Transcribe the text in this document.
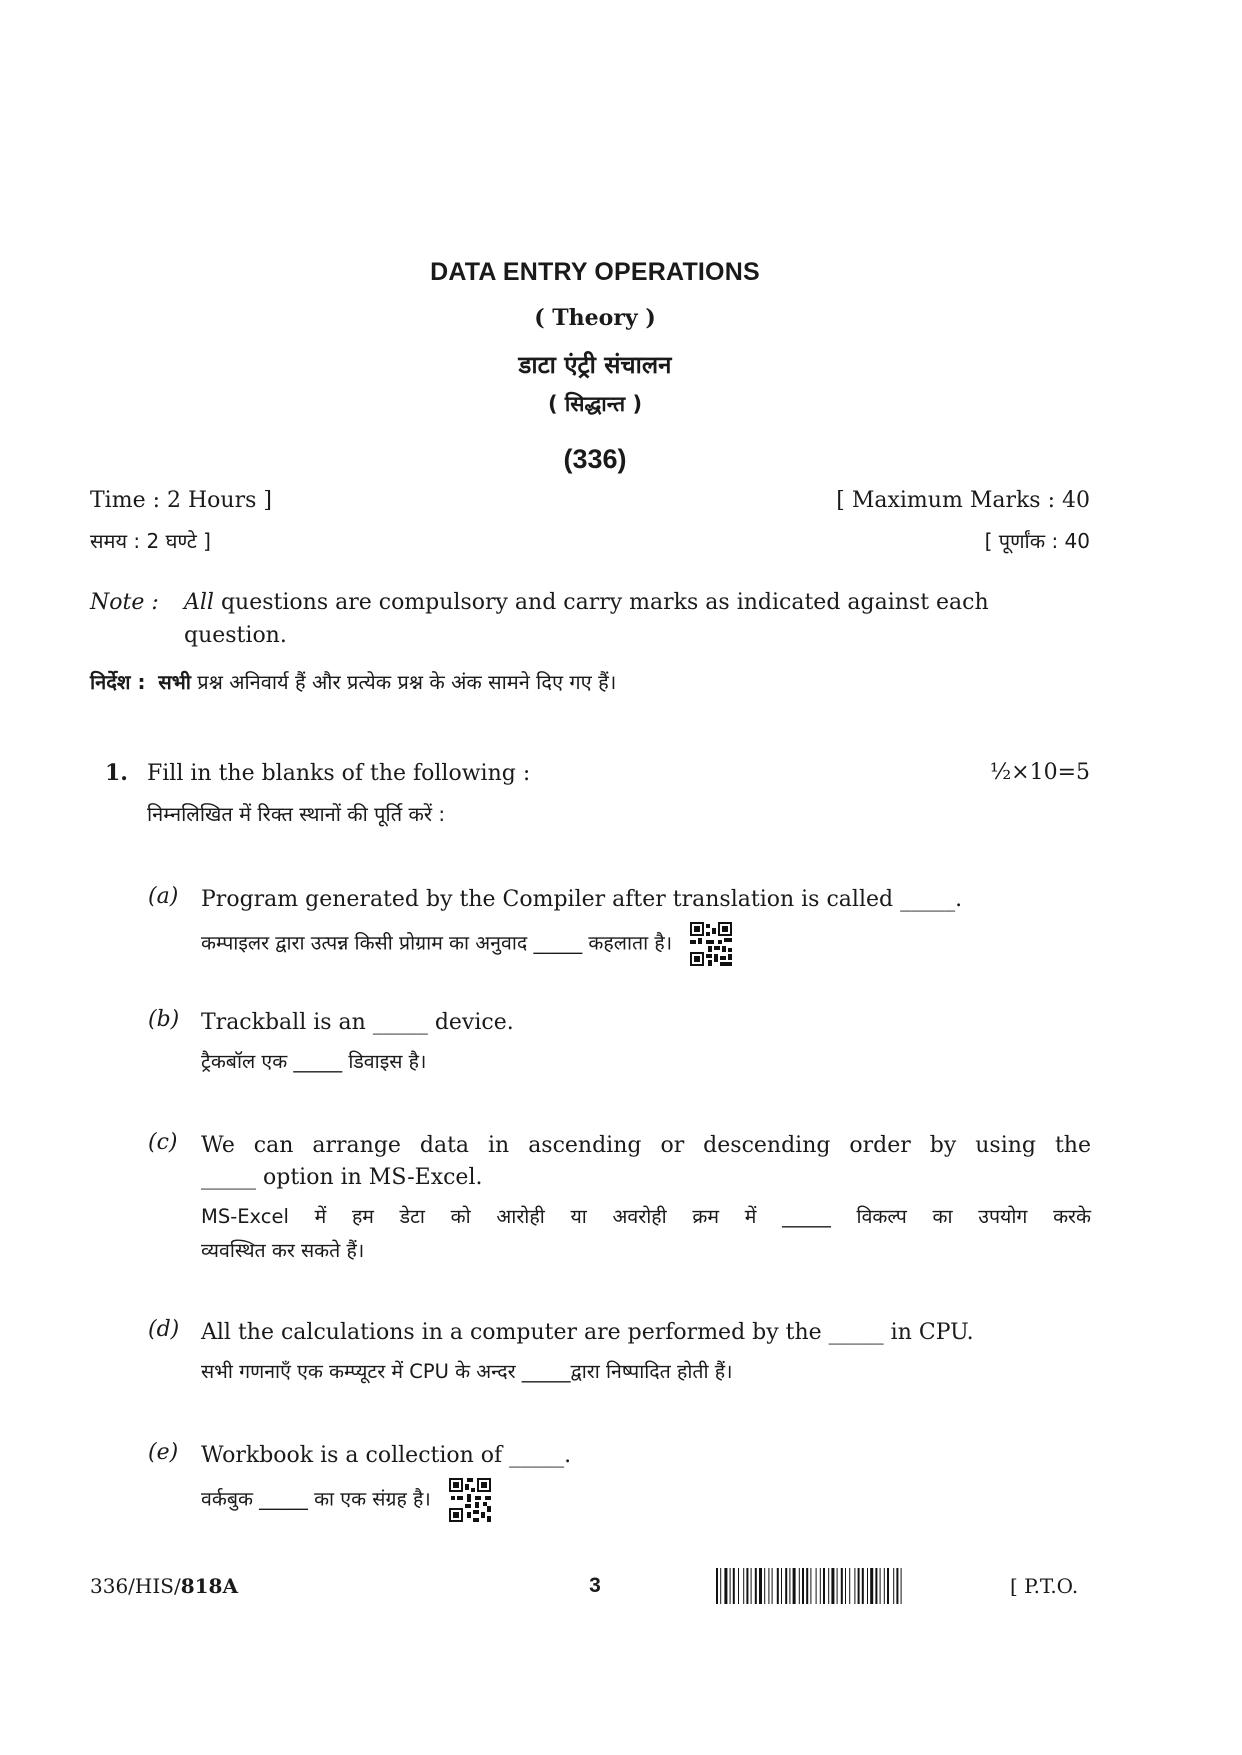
DATA ENTRY OPERATIONS
( Theory )
डाटा एंट्री संचालन
( सिद्धान्त )
(336)
Time : 2 Hours ]
समय : 2 घण्टे ]
[ Maximum Marks : 40
[ पूर्णांक : 40
Note :	All questions are compulsory and carry marks as indicated against each question.
निर्देश : सभी प्रश्न अनिवार्य हैं और प्रत्येक प्रश्न के अंक सामने दिए गए हैं।
1. Fill in the blanks of the following :	½×10=5
निम्नलिखित में रिक्त स्थानों की पूर्ति करें :
(a) Program generated by the Compiler after translation is called _____.
कम्पाइलर द्वारा उत्पन्न किसी प्रोग्राम का अनुवाद _____ कहलाता है।
(b) Trackball is an _____ device.
ट्रैकबॉल एक _____ डिवाइस है।
(c) We can arrange data in ascending or descending order by using the
_____ option in MS-Excel.
MS-Excel में हम डेटा को आरोही या अवरोही क्रम में _____ विकल्प का उपयोग करके
व्यवस्थित कर सकते हैं।
(d) All the calculations in a computer are performed by the _____ in CPU.
सभी गणनाएँ एक कम्प्यूटर में CPU के अन्दर _____द्वारा निष्पादित होती हैं।
(e) Workbook is a collection of _____.
वर्कबुक _____ का एक संग्रह है।
336/HIS/818A	3	[ P.T.O.
